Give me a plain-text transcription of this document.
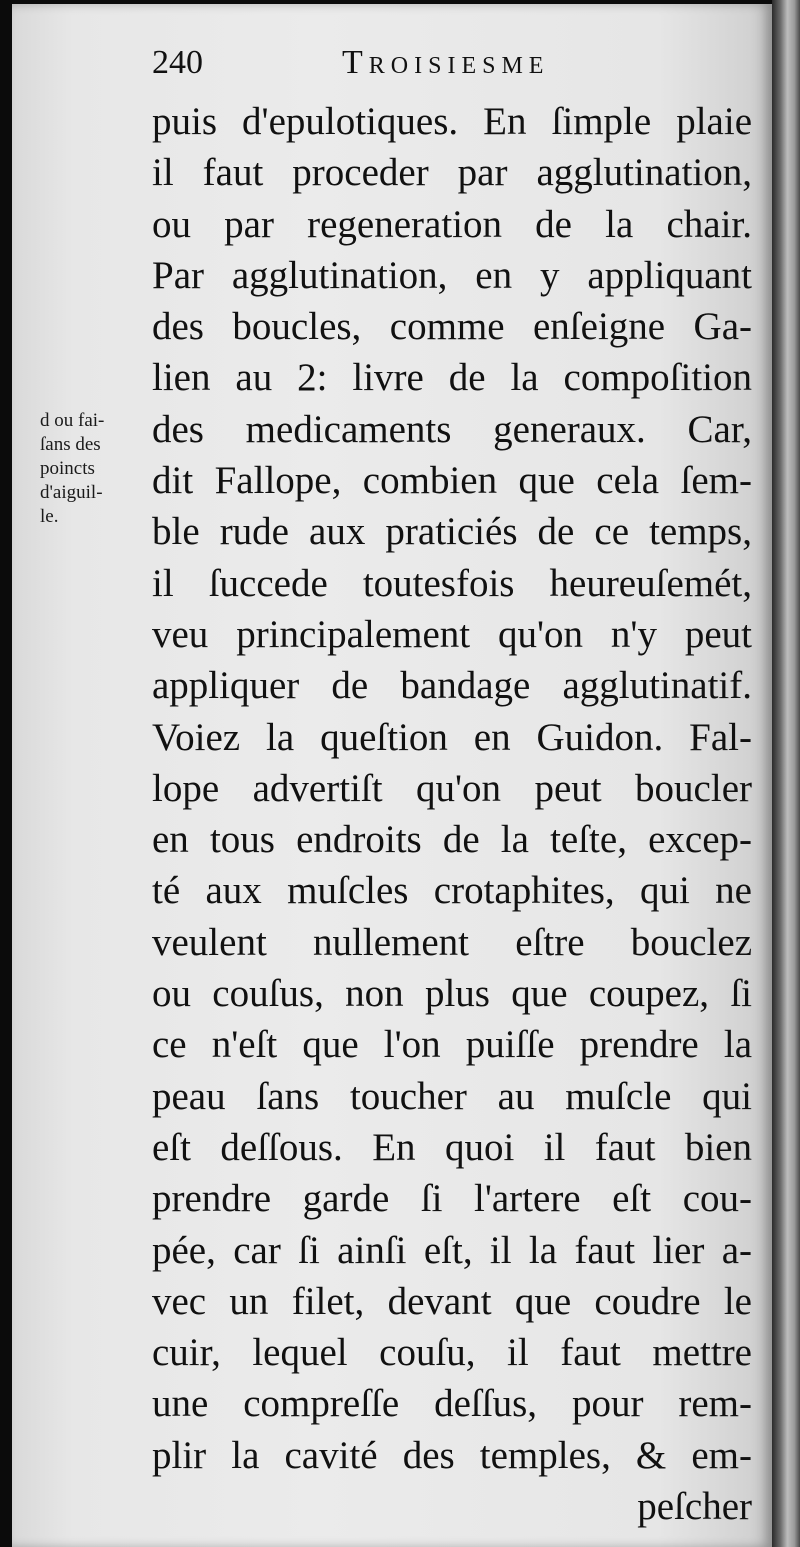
240	Troisiesme
d ou fai-
ſans des
poincts
d'aiguil-
le.
puis d'epulotiques. En ſimple plaie
il faut proceder par agglutination,
ou par regeneration de la chair.
Par agglutination, en y appliquant
des boucles, comme enſeigne Ga-
lien au 2: livre de la compoſition
des medicaments generaux. Car,
dit Fallope, combien que cela ſem-
ble rude aux praticiés de ce temps,
il ſuccede toutesfois heureuſemét,
veu principalement qu'on n'y peut
appliquer de bandage agglutinatif.
Voiez la queſtion en Guidon. Fal-
lope advertiſt qu'on peut boucler
en tous endroits de la teſte, excep-
té aux muſcles crotaphites, qui ne
veulent nullement eſtre bouclez
ou couſus, non plus que coupez, ſi
ce n'eſt que l'on puiſſe prendre la
peau ſans toucher au muſcle qui
eſt deſſous. En quoi il faut bien
prendre garde ſi l'artere eſt cou-
pée, car ſi ainſi eſt, il la faut lier a-
vec un filet, devant que coudre le
cuir, lequel couſu, il faut mettre
une compreſſe deſſus, pour rem-
plir la cavité des temples, & em-
peſcher
